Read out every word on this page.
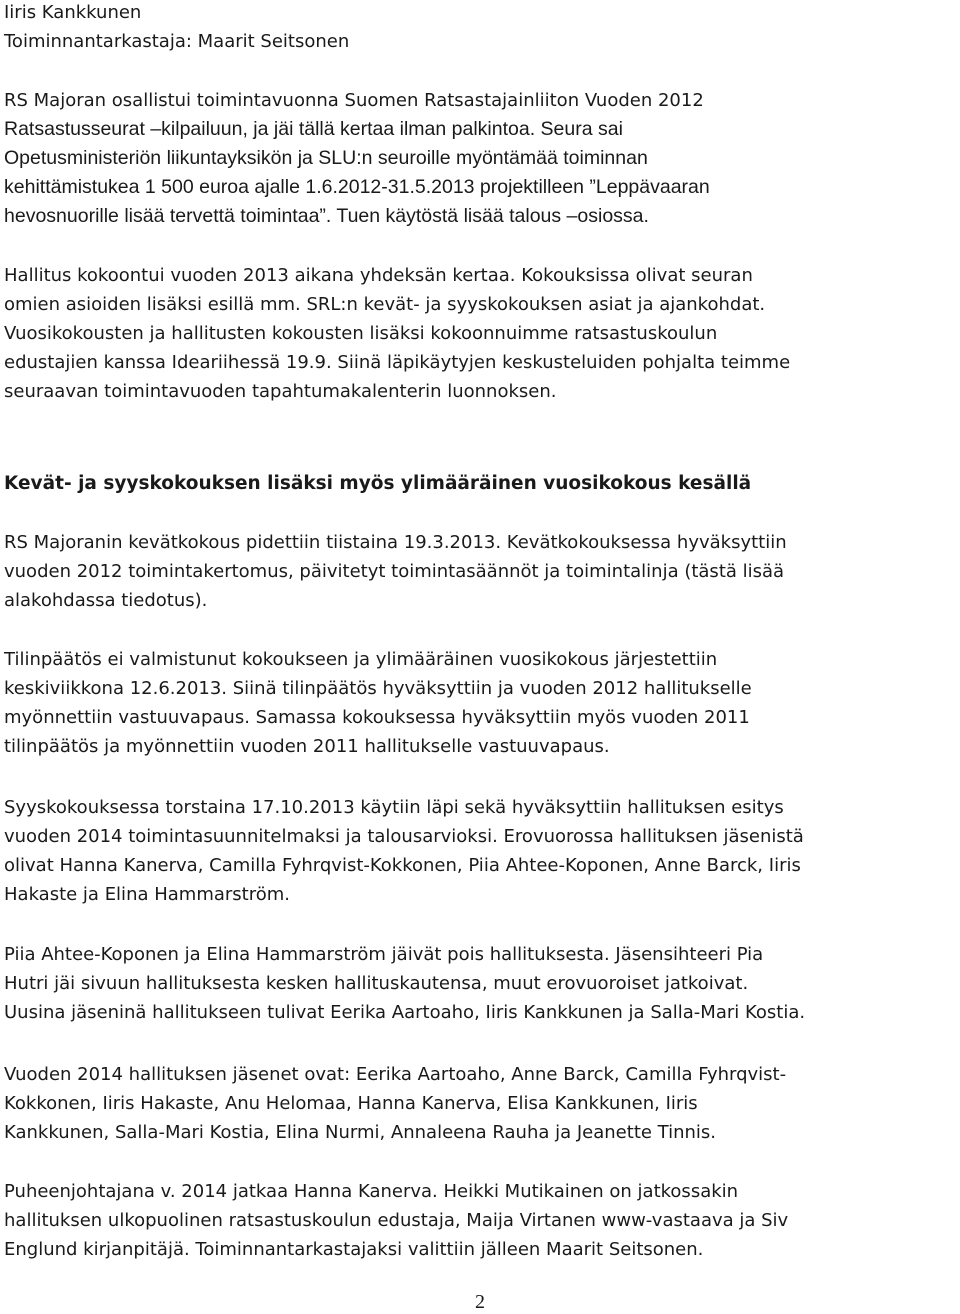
Iiris Kankkunen

Toiminnantarkastaja: Maarit Seitsonen

RS Majoran osallistui toimintavuonna Suomen Ratsastajainliiton Vuoden 2012

Ratsastusseurat –kilpailuun, ja jäi tällä kertaa ilman palkintoa. Seura sai

Opetusministeriön liikuntayksikön ja SLU:n seuroille myöntämää toiminnan

kehittämistukea 1 500 euroa ajalle 1.6.2012-31.5.2013 projektilleen ”Leppävaaran

hevosnuorille lisää tervettä toimintaa”. Tuen käytöstä lisää talous –osiossa.

Hallitus kokoontui vuoden 2013 aikana yhdeksän kertaa. Kokouksissa olivat seuran

omien asioiden lisäksi esillä mm. SRL:n kevät- ja syyskokouksen asiat ja ajankohdat.

Vuosikokousten ja hallitusten kokousten lisäksi kokoonnuimme ratsastuskoulun

edustajien kanssa Ideariihessä 19.9. Siinä läpikäytyjen keskusteluiden pohjalta teimme

seuraavan toimintavuoden tapahtumakalenterin luonnoksen.

Kevät- ja syyskokouksen lisäksi myös ylimääräinen vuosikokous kesällä

RS Majoranin kevätkokous pidettiin tiistaina 19.3.2013. Kevätkokouksessa hyväksyttiin

vuoden 2012 toimintakertomus, päivitetyt toimintasäännöt ja toimintalinja (tästä lisää

alakohdassa tiedotus).

Tilinpäätös ei valmistunut kokoukseen ja ylimääräinen vuosikokous järjestettiin

keskiviikkona 12.6.2013. Siinä tilinpäätös hyväksyttiin ja vuoden 2012 hallitukselle

myönnettiin vastuuvapaus. Samassa kokouksessa hyväksyttiin myös vuoden 2011

tilinpäätös ja myönnettiin vuoden 2011 hallitukselle vastuuvapaus.

Syyskokouksessa torstaina 17.10.2013 käytiin läpi sekä hyväksyttiin hallituksen esitys

vuoden 2014 toimintasuunnitelmaksi ja talousarvioksi. Erovuorossa hallituksen jäsenistä

olivat Hanna Kanerva, Camilla Fyhrqvist-Kokkonen, Piia Ahtee-Koponen, Anne Barck, Iiris

Hakaste ja Elina Hammarström.

Piia Ahtee-Koponen ja Elina Hammarström jäivät pois hallituksesta. Jäsensihteeri Pia

Hutri jäi sivuun hallituksesta kesken hallituskautensa, muut erovuoroiset jatkoivat.

Uusina jäseninä hallitukseen tulivat Eerika Aartoaho, Iiris Kankkunen ja Salla-Mari Kostia.

Vuoden 2014 hallituksen jäsenet ovat: Eerika Aartoaho, Anne Barck, Camilla Fyhrqvist-

Kokkonen, Iiris Hakaste, Anu Helomaa, Hanna Kanerva, Elisa Kankkunen, Iiris

Kankkunen, Salla-Mari Kostia, Elina Nurmi, Annaleena Rauha ja Jeanette Tinnis.

Puheenjohtajana v. 2014 jatkaa Hanna Kanerva. Heikki Mutikainen on jatkossakin

hallituksen ulkopuolinen ratsastuskoulun edustaja, Maija Virtanen www-vastaava ja Siv

Englund kirjanpitäjä. Toiminnantarkastajaksi valittiin jälleen Maarit Seitsonen.

2
